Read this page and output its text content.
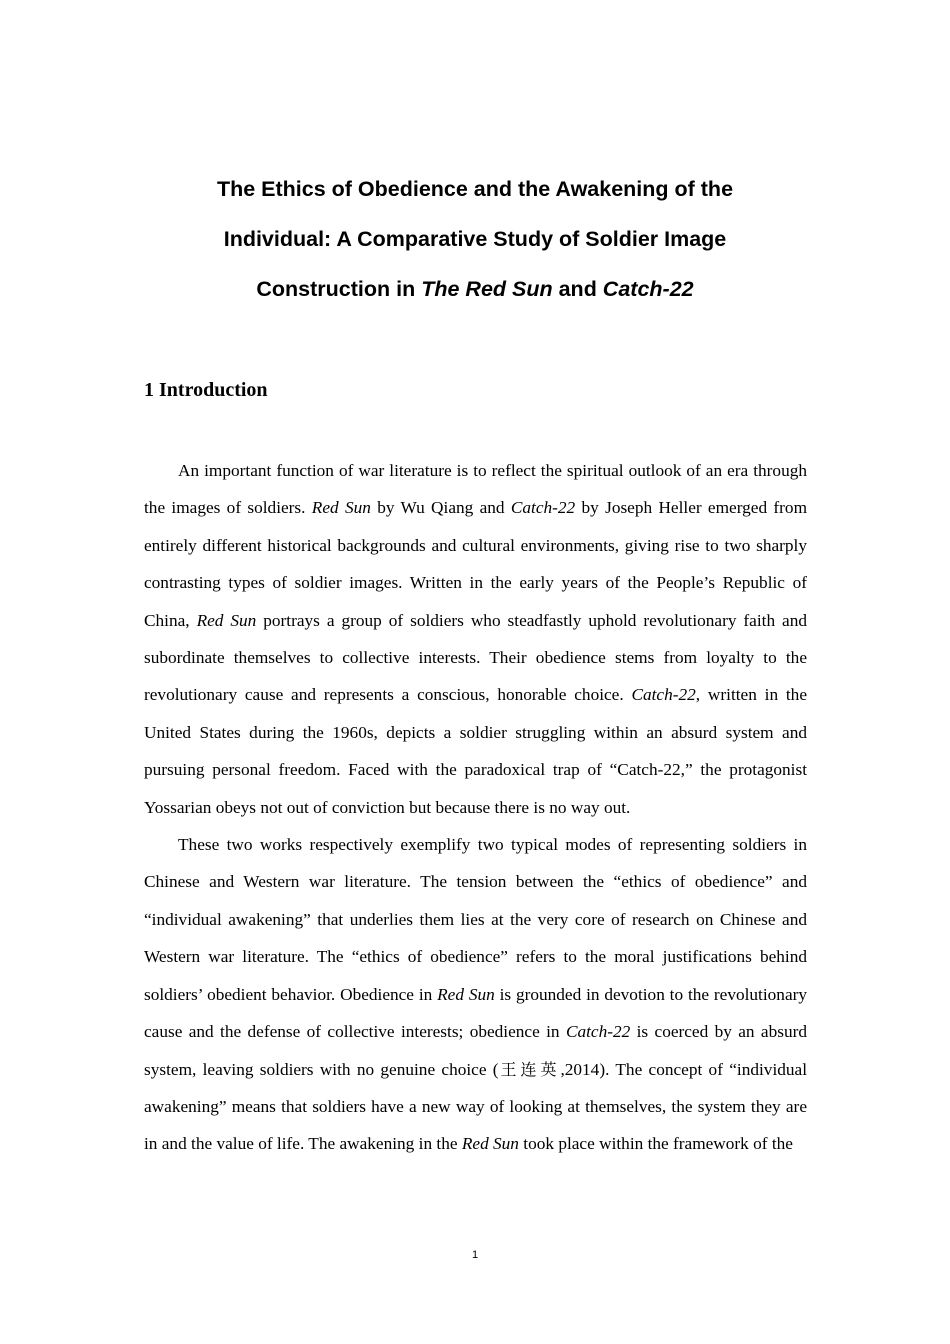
The Ethics of Obedience and the Awakening of the
Individual: A Comparative Study of Soldier Image
Construction in The Red Sun and Catch-22
1 Introduction

An important function of war literature is to reflect the spiritual outlook of an era through the images of soldiers. Red Sun by Wu Qiang and Catch-22 by Joseph Heller emerged from entirely different historical backgrounds and cultural environments, giving rise to two sharply contrasting types of soldier images. Written in the early years of the People’s Republic of China, Red Sun portrays a group of soldiers who steadfastly uphold revolutionary faith and subordinate themselves to collective interests. Their obedience stems from loyalty to the revolutionary cause and represents a conscious, honorable choice. Catch-22, written in the United States during the 1960s, depicts a soldier struggling within an absurd system and pursuing personal freedom. Faced with the paradoxical trap of “Catch-22,” the protagonist Yossarian obeys not out of conviction but because there is no way out.

These two works respectively exemplify two typical modes of representing soldiers in Chinese and Western war literature. The tension between the “ethics of obedience” and “individual awakening” that underlies them lies at the very core of research on Chinese and Western war literature. The “ethics of obedience” refers to the moral justifications behind soldiers’ obedient behavior. Obedience in Red Sun is grounded in devotion to the revolutionary cause and the defense of collective interests; obedience in Catch-22 is coerced by an absurd system, leaving soldiers with no genuine choice (王连英,2014). The concept of “individual awakening” means that soldiers have a new way of looking at themselves, the system they are in and the value of life. The awakening in the Red Sun took place within the framework of the

1
